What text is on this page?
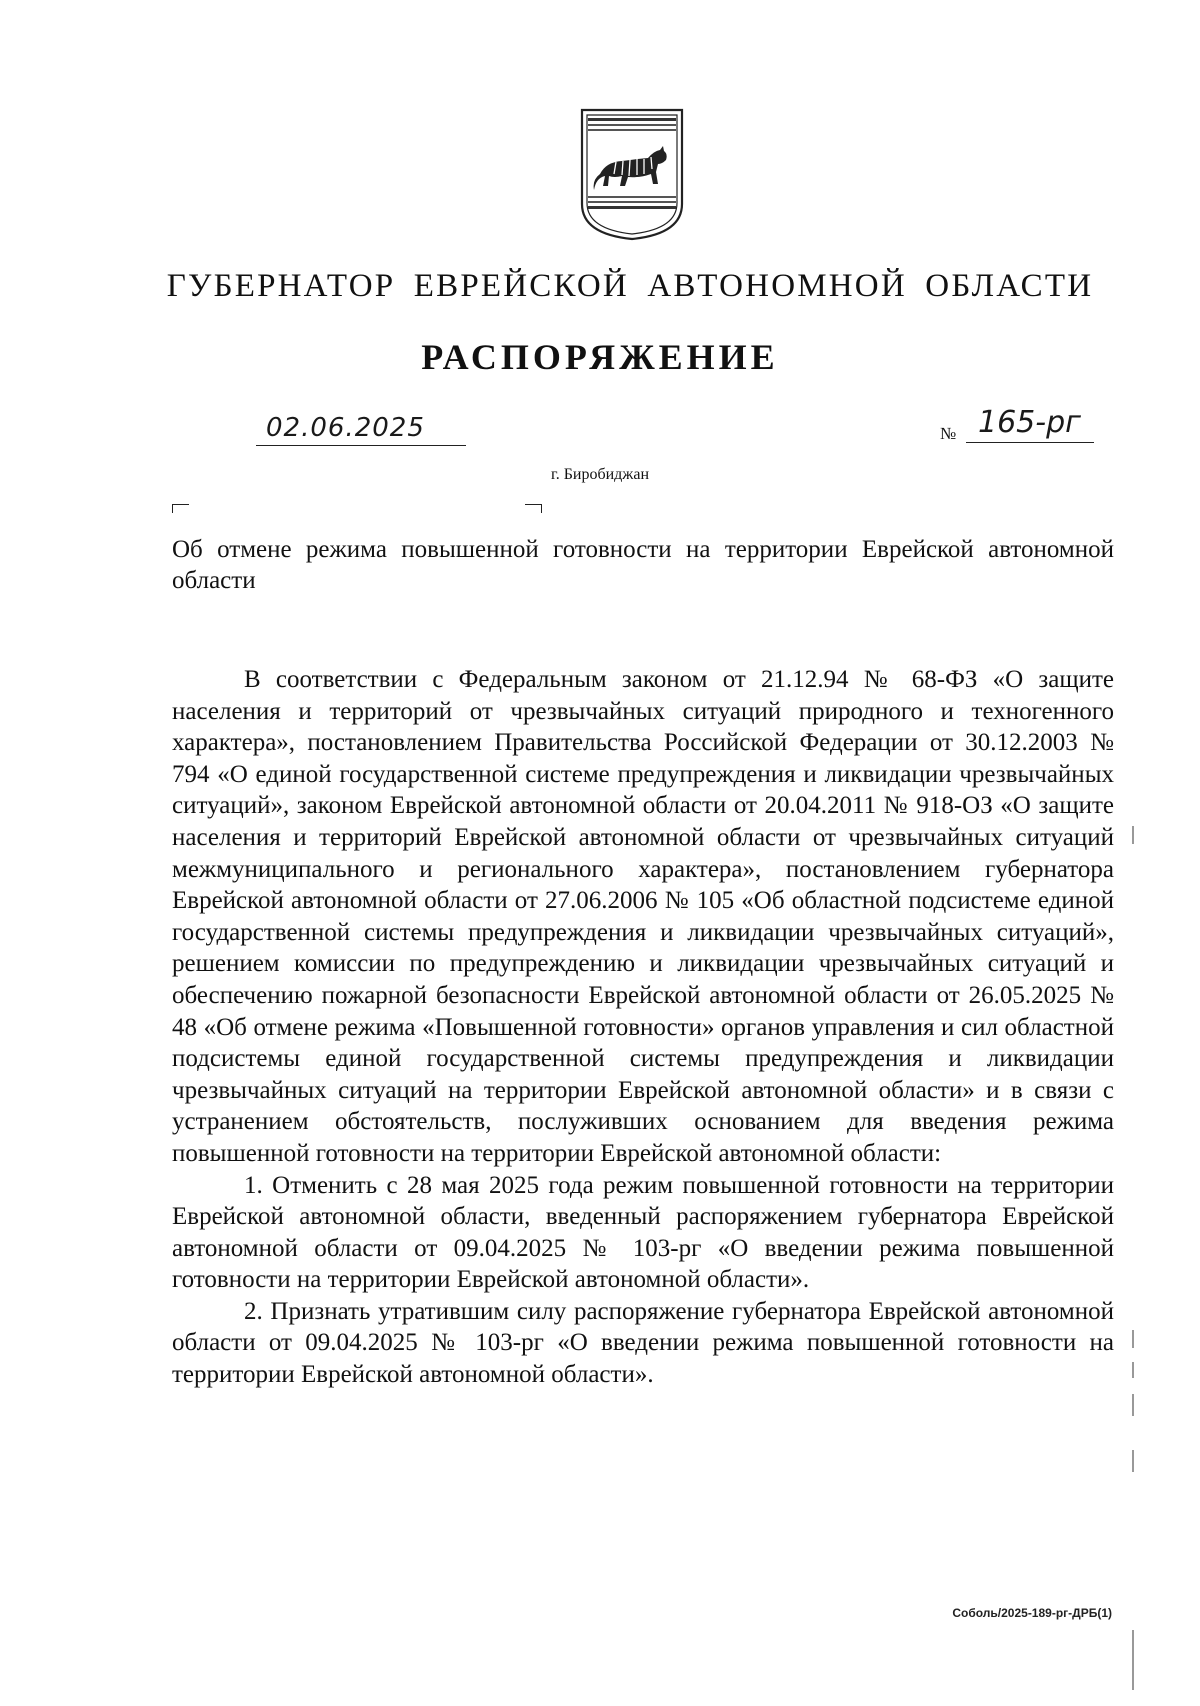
ГУБЕРНАТОР ЕВРЕЙСКОЙ АВТОНОМНОЙ ОБЛАСТИ
РАСПОРЯЖЕНИЕ
02.06.2025	№ 165-рг
г. Биробиджан
Об отмене режима повышенной готовности на территории Еврейской автономной области

В соответствии с Федеральным законом от 21.12.94 № 68-ФЗ «О защите населения и территорий от чрезвычайных ситуаций природного и техногенного характера», постановлением Правительства Российской Федерации от 30.12.2003 № 794 «О единой государственной системе предупреждения и ликвидации чрезвычайных ситуаций», законом Еврейской автономной области от 20.04.2011 № 918-ОЗ «О защите населения и территорий Еврейской автономной области от чрезвычайных ситуаций межмуниципального и регионального характера», постановлением губернатора Еврейской автономной области от 27.06.2006 № 105 «Об областной подсистеме единой государственной системы предупреждения и ликвидации чрезвычайных ситуаций», решением комиссии по предупреждению и ликвидации чрезвычайных ситуаций и обеспечению пожарной безопасности Еврейской автономной области от 26.05.2025 № 48 «Об отмене режима «Повышенной готовности» органов управления и сил областной подсистемы единой государственной системы предупреждения и ликвидации чрезвычайных ситуаций на территории Еврейской автономной области» и в связи с устранением обстоятельств, послуживших основанием для введения режима повышенной готовности на территории Еврейской автономной области:

1. Отменить с 28 мая 2025 года режим повышенной готовности на территории Еврейской автономной области, введенный распоряжением губернатора Еврейской автономной области от 09.04.2025 № 103-рг «О введении режима повышенной готовности на территории Еврейской автономной области».

2. Признать утратившим силу распоряжение губернатора Еврейской автономной области от 09.04.2025 № 103-рг «О введении режима повышенной готовности на территории Еврейской автономной области».

Соболь/2025-189-рг-ДРБ(1)
